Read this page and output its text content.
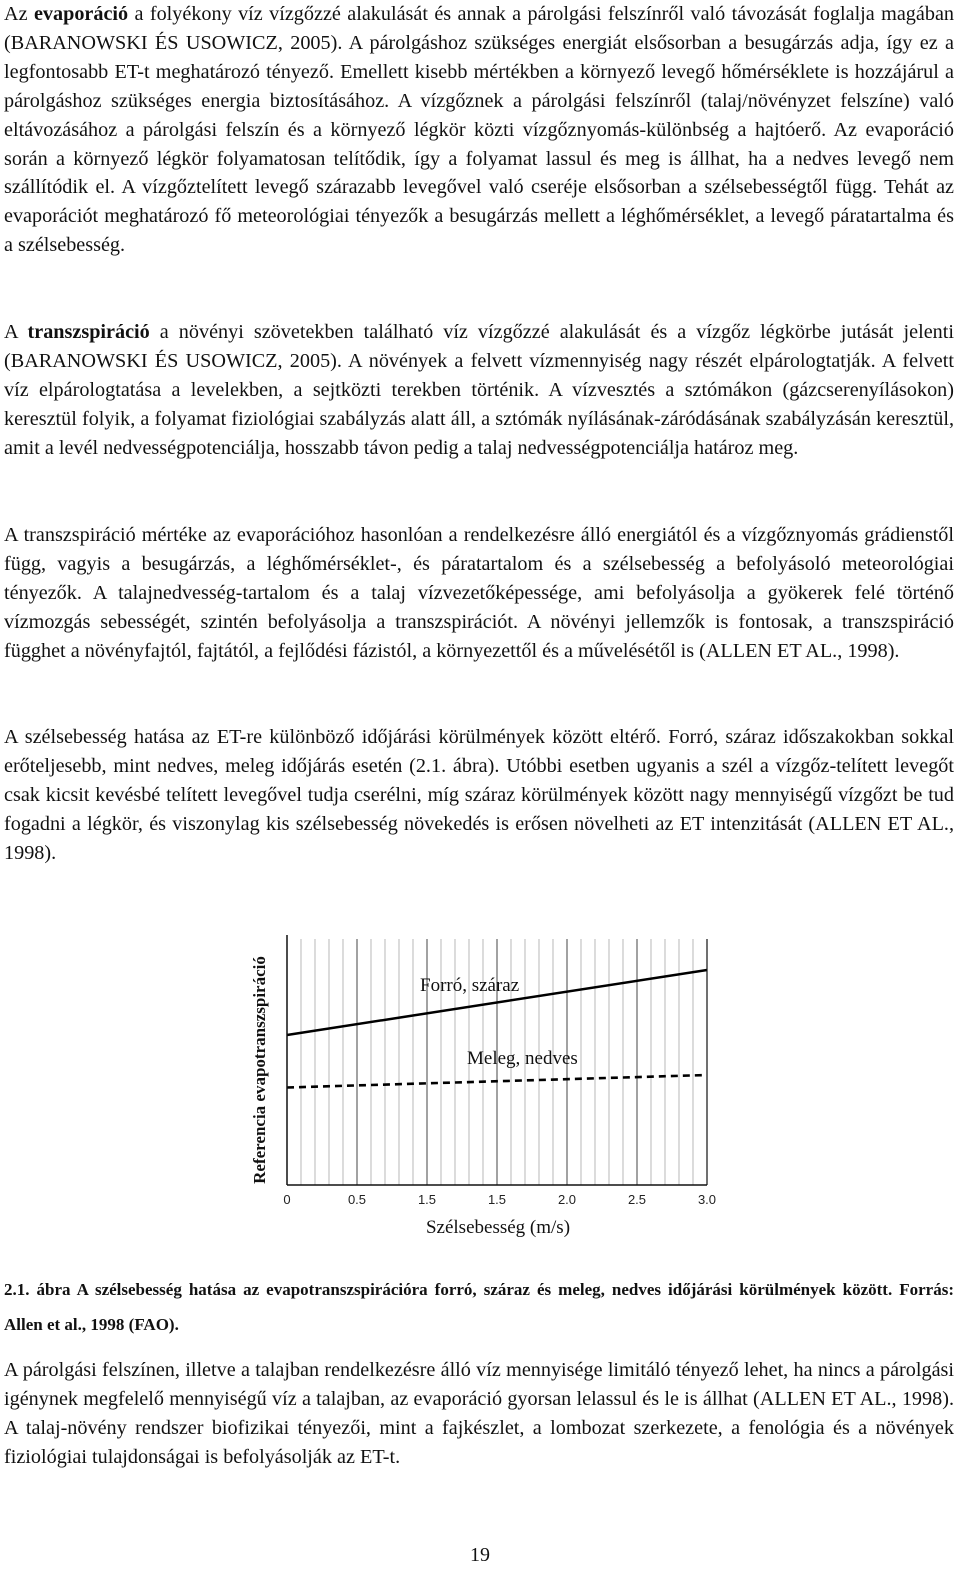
Az evaporáció a folyékony víz vízgőzzé alakulását és annak a párolgási felszínről való távozását foglalja magában (BARANOWSKI ÉS USOWICZ, 2005). A párolgáshoz szükséges energiát elsősorban a besugárzás adja, így ez a legfontosabb ET-t meghatározó tényező. Emellett kisebb mértékben a környező levegő hőmérséklete is hozzájárul a párolgáshoz szükséges energia biztosításához. A vízgőznek a párolgási felszínről (talaj/növényzet felszíne) való eltávozásához a párolgási felszín és a környező légkör közti vízgőznyomás-különbség a hajtóerő. Az evaporáció során a környező légkör folyamatosan telítődik, így a folyamat lassul és meg is állhat, ha a nedves levegő nem szállítódik el. A vízgőztelített levegő szárazabb levegővel való cseréje elsősorban a szélsebességtől függ. Tehát az evaporációt meghatározó fő meteorológiai tényezők a besugárzás mellett a léghőmérséklet, a levegő páratartalma és a szélsebesség.

A transzspiráció a növényi szövetekben található víz vízgőzzé alakulását és a vízgőz légkörbe jutását jelenti (BARANOWSKI ÉS USOWICZ, 2005). A növények a felvett vízmennyiség nagy részét elpárologtatják. A felvett víz elpárologtatása a levelekben, a sejtközti terekben történik. A vízvesztés a sztómákon (gázcserenyílásokon) keresztül folyik, a folyamat fiziológiai szabályzás alatt áll, a sztómák nyílásának-záródásának szabályzásán keresztül, amit a levél nedvességpotenciálja, hosszabb távon pedig a talaj nedvességpotenciálja határoz meg.

A transzspiráció mértéke az evaporációhoz hasonlóan a rendelkezésre álló energiától és a vízgőznyomás grádienstől függ, vagyis a besugárzás, a léghőmérséklet-, és páratartalom és a szélsebesség a befolyásoló meteorológiai tényezők. A talajnedvesség-tartalom és a talaj vízvezetőképessége, ami befolyásolja a gyökerek felé történő vízmozgás sebességét, szintén befolyásolja a transzspirációt. A növényi jellemzők is fontosak, a transzspiráció függhet a növényfajtól, fajtától, a fejlődési fázistól, a környezettől és a művelésétől is (ALLEN ET AL., 1998).

A szélsebesség hatása az ET-re különböző időjárási körülmények között eltérő. Forró, száraz időszakokban sokkal erőteljesebb, mint nedves, meleg időjárás esetén (2.1. ábra). Utóbbi esetben ugyanis a szél a vízgőz-telített levegőt csak kicsit kevésbé telített levegővel tudja cserélni, míg száraz körülmények között nagy mennyiségű vízgőzt be tud fogadni a légkör, és viszonylag kis szélsebesség növekedés is erősen növelheti az ET intenzitását (ALLEN ET AL., 1998).

0	0.5	1.5	1.5	2.0	2.5	3.0
Forró, száraz
Meleg, nedves
Szélsebesség (m/s)
Referencia evapotranszspiráció

2.1. ábra A szélsebesség hatása az evapotranszspirációra forró, száraz és meleg, nedves időjárási körülmények között. Forrás: Allen et al., 1998 (FAO).

A párolgási felszínen, illetve a talajban rendelkezésre álló víz mennyisége limitáló tényező lehet, ha nincs a párolgási igénynek megfelelő mennyiségű víz a talajban, az evaporáció gyorsan lelassul és le is állhat (ALLEN ET AL., 1998). A talaj-növény rendszer biofizikai tényezői, mint a fajkészlet, a lombozat szerkezete, a fenológia és a növények fiziológiai tulajdonságai is befolyásolják az ET-t.

19
